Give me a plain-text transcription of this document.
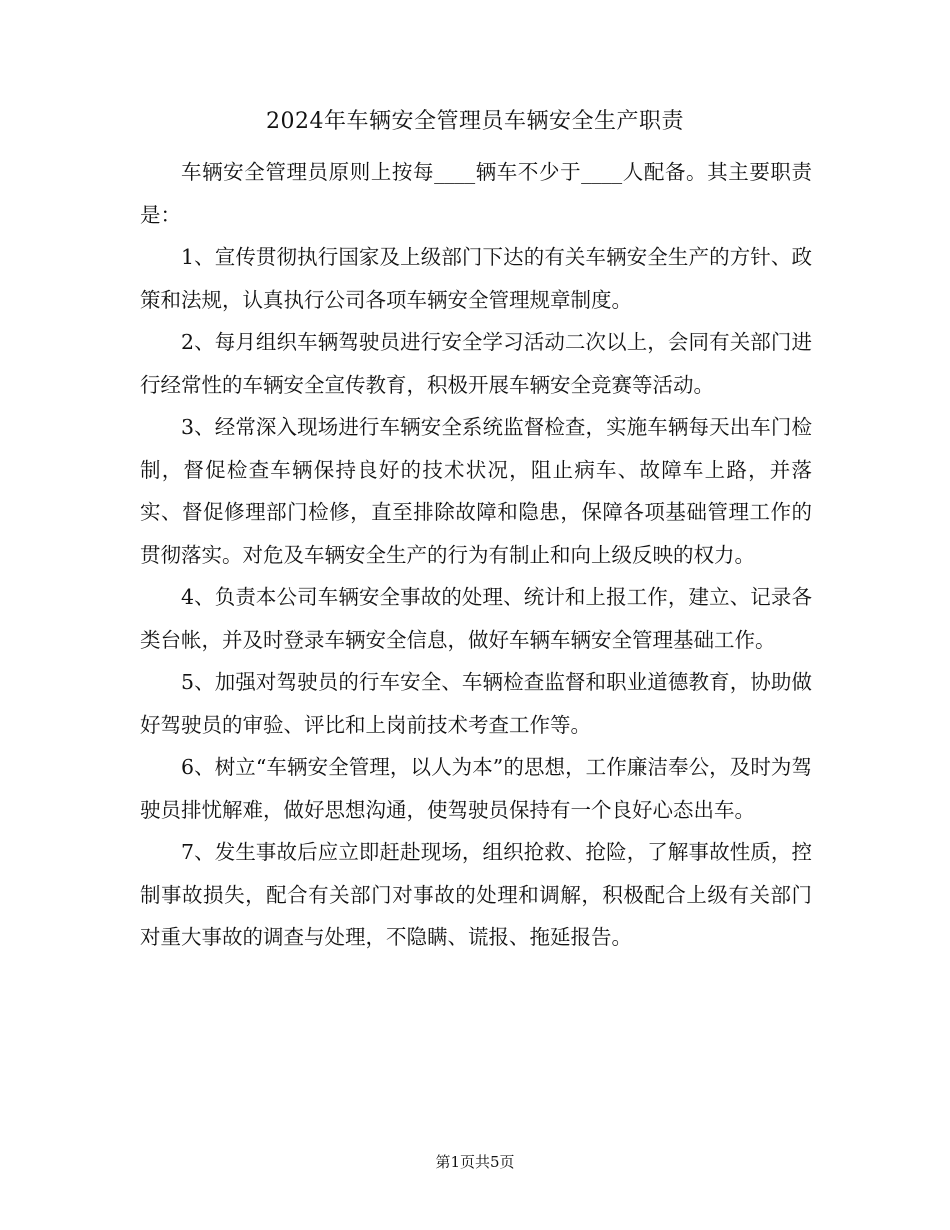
2024年车辆安全管理员车辆安全生产职责

车辆安全管理员原则上按每____辆车不少于____人配备。其主要职责是：

1、宣传贯彻执行国家及上级部门下达的有关车辆安全生产的方针、政策和法规，认真执行公司各项车辆安全管理规章制度。

2、每月组织车辆驾驶员进行安全学习活动二次以上，会同有关部门进行经常性的车辆安全宣传教育，积极开展车辆安全竞赛等活动。

3、经常深入现场进行车辆安全系统监督检查，实施车辆每天出车门检制，督促检查车辆保持良好的技术状况，阻止病车、故障车上路，并落实、督促修理部门检修，直至排除故障和隐患，保障各项基础管理工作的贯彻落实。对危及车辆安全生产的行为有制止和向上级反映的权力。

4、负责本公司车辆安全事故的处理、统计和上报工作，建立、记录各类台帐，并及时登录车辆安全信息，做好车辆车辆安全管理基础工作。

5、加强对驾驶员的行车安全、车辆检查监督和职业道德教育，协助做好驾驶员的审验、评比和上岗前技术考查工作等。

6、树立“车辆安全管理，以人为本”的思想，工作廉洁奉公，及时为驾驶员排忧解难，做好思想沟通，使驾驶员保持有一个良好心态出车。

7、发生事故后应立即赶赴现场，组织抢救、抢险，了解事故性质，控制事故损失，配合有关部门对事故的处理和调解，积极配合上级有关部门对重大事故的调查与处理，不隐瞒、谎报、拖延报告。

第1页共5页
